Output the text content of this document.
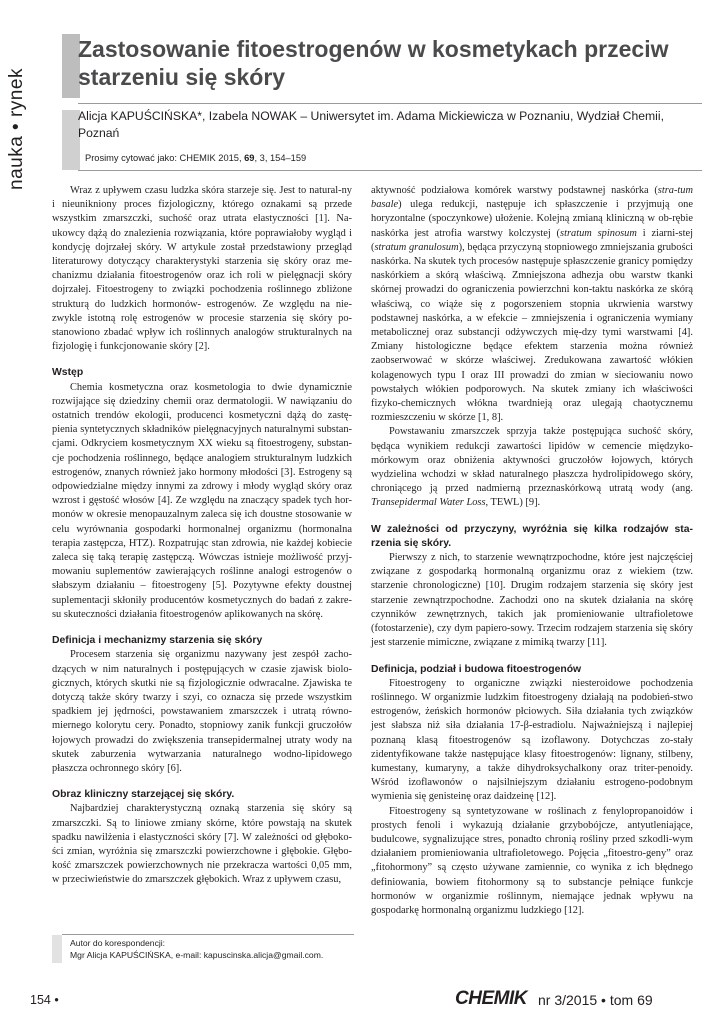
nauka • rynek
Zastosowanie fitoestrogenów w kosmetykach przeciw starzeniu się skóry
Alicja KAPUŚCIŃSKA*, Izabela NOWAK – Uniwersytet im. Adama Mickiewicza w Poznaniu, Wydział Chemii, Poznań
Prosimy cytować jako: CHEMIK 2015, 69, 3, 154–159

Wraz z upływem czasu ludzka skóra starzeje się. Jest to natural-ny i nieunikniony proces fizjologiczny, którego oznakami są przede wszystkim zmarszczki, suchość oraz utrata elastyczności [1]. Na-ukowcy dążą do znalezienia rozwiązania, które poprawiałoby wygląd i kondycję dojrzałej skóry. W artykule został przedstawiony przegląd literaturowy dotyczący charakterystyki starzenia się skóry oraz me-chanizmu działania fitoestrogenów oraz ich roli w pielęgnacji skóry dojrzałej. Fitoestrogeny to związki pochodzenia roślinnego zbliżone strukturą do ludzkich hormonów- estrogenów. Ze względu na nie-zwykle istotną rolę estrogenów w procesie starzenia się skóry po-stanowiono zbadać wpływ ich roślinnych analogów strukturalnych na fizjologię i funkcjonowanie skóry [2].

Wstęp

Chemia kosmetyczna oraz kosmetologia to dwie dynamicznie rozwijające się dziedziny chemii oraz dermatologii. W nawiązaniu do ostatnich trendów ekologii, producenci kosmetyczni dążą do zastę-pienia syntetycznych składników pielęgnacyjnych naturalnymi substan-cjami. Odkryciem kosmetycznym XX wieku są fitoestrogeny, substan-cje pochodzenia roślinnego, będące analogiem strukturalnym ludzkich estrogenów, znanych również jako hormony młodości [3]. Estrogeny są odpowiedzialne między innymi za zdrowy i młody wygląd skóry oraz wzrost i gęstość włosów [4]. Ze względu na znaczący spadek tych hor-monów w okresie menopauzalnym zaleca się ich doustne stosowanie w celu wyrównania gospodarki hormonalnej organizmu (hormonalna terapia zastępcza, HTZ). Rozpatrując stan zdrowia, nie każdej kobiecie zaleca się taką terapię zastępczą. Wówczas istnieje możliwość przyj-mowaniu suplementów zawierających roślinne analogi estrogenów o słabszym działaniu – fitoestrogeny [5]. Pozytywne efekty doustnej suplementacji skłoniły producentów kosmetycznych do badań z zakre-su skuteczności działania fitoestrogenów aplikowanych na skórę.

Definicja i mechanizmy starzenia się skóry

Procesem starzenia się organizmu nazywany jest zespół zacho-dzących w nim naturalnych i postępujących w czasie zjawisk biolo-gicznych, których skutki nie są fizjologicznie odwracalne. Zjawiska te dotyczą także skóry twarzy i szyi, co oznacza się przede wszystkim spadkiem jej jędrności, powstawaniem zmarszczek i utratą równo-miernego kolorytu cery. Ponadto, stopniowy zanik funkcji gruczołów łojowych prowadzi do zwiększenia transepidermalnej utraty wody na skutek zaburzenia wytwarzania naturalnego wodno-lipidowego płaszcza ochronnego skóry [6].

Obraz kliniczny starzejącej się skóry.

Najbardziej charakterystyczną oznaką starzenia się skóry są zmarszczki. Są to liniowe zmiany skórne, które powstają na skutek spadku nawilżenia i elastyczności skóry [7]. W zależności od głęboko-ści zmian, wyróżnia się zmarszczki powierzchowne i głębokie. Głębo-kość zmarszczek powierzchownych nie przekracza wartości 0,05 mm, w przeciwieństwie do zmarszczek głębokich. Wraz z upływem czasu,

aktywność podziałowa komórek warstwy podstawnej naskórka (stra-tum basale) ulega redukcji, następuje ich spłaszczenie i przyjmują one horyzontalne (spoczynkowe) ułożenie. Kolejną zmianą kliniczną w ob-rębie naskórka jest atrofia warstwy kolczystej (stratum spinosum i ziarni-stej (stratum granulosum), będąca przyczyną stopniowego zmniejszania grubości naskórka. Na skutek tych procesów następuje spłaszczenie granicy pomiędzy naskórkiem a skórą właściwą. Zmniejszona adhezja obu warstw tkanki skórnej prowadzi do ograniczenia powierzchni kon-taktu naskórka ze skórą właściwą, co wiąże się z pogorszeniem stopnia ukrwienia warstwy podstawnej naskórka, a w efekcie – zmniejszenia i ograniczenia wymiany metabolicznej oraz substancji odżywczych mię-dzy tymi warstwami [4]. Zmiany histologiczne będące efektem starzenia można również zaobserwować w skórze właściwej. Zredukowana zawartość włókien kolagenowych typu I oraz III prowadzi do zmian w sieciowaniu nowo powstałych włókien podporowych. Na skutek zmiany ich właściwości fizyko-chemicznych włókna twardnieją oraz ulegają chaotycznemu rozmieszczeniu w skórze [1, 8].

Powstawaniu zmarszczek sprzyja także postępująca suchość skóry, będąca wynikiem redukcji zawartości lipidów w cemencie międzyko-mórkowym oraz obniżenia aktywności gruczołów łojowych, których wydzielina wchodzi w skład naturalnego płaszcza hydrolipidowego skóry, chroniącego ją przed nadmierną przeznaskórkową utratą wody (ang. Transepidermal Water Loss, TEWL) [9].

W zależności od przyczyny, wyróżnia się kilka rodzajów sta-rzenia się skóry.

Pierwszy z nich, to starzenie wewnątrzpochodne, które jest najczęściej związane z gospodarką hormonalną organizmu oraz z wiekiem (tzw. starzenie chronologiczne) [10]. Drugim rodzajem starzenia się skóry jest starzenie zewnątrzpochodne. Zachodzi ono na skutek działania na skórę czynników zewnętrznych, takich jak promieniowanie ultrafioletowe (fotostarzenie), czy dym papiero-sowy. Trzecim rodzajem starzenia się skóry jest starzenie mimiczne, związane z mimiką twarzy [11].

Definicja, podział i budowa fitoestrogenów

Fitoestrogeny to organiczne związki niesteroidowe pochodzenia roślinnego. W organizmie ludzkim fitoestrogeny działają na podobień-stwo estrogenów, żeńskich hormonów płciowych. Siła działania tych związków jest słabsza niż siła działania 17-β-estradiolu. Najważniejszą i najlepiej poznaną klasą fitoestrogenów są izoflawony. Dotychczas zo-stały zidentyfikowane także następujące klasy fitoestrogenów: lignany, stilbeny, kumestany, kumaryny, a także dihydroksychalkony oraz triter-penoidy. Wśród izoflawonów o najsilniejszym działaniu estrogeno-podobnym wymienia się genisteinę oraz daidzeinę [12].

Fitoestrogeny są syntetyzowane w roślinach z fenylopropanoidów i prostych fenoli i wykazują działanie grzybobójcze, antyutleniające, budulcowe, sygnalizujące stres, ponadto chronią rośliny przed szkodli-wym działaniem promieniowania ultrafioletowego. Pojęcia „fitoestro-geny” oraz „fitohormony” są często używane zamiennie, co wynika z ich błędnego definiowania, bowiem fitohormony są to substancje pełniące funkcje hormonów w organizmie roślinnym, niemające jednak wpływu na gospodarkę hormonalną organizmu ludzkiego [12].

Autor do korespondencji:
Mgr Alicja KAPUŚCIŃSKA, e-mail: kapuscinska.alicja@gmail.com.
154 •	CHEMIK nr 3/2015 • tom 69
